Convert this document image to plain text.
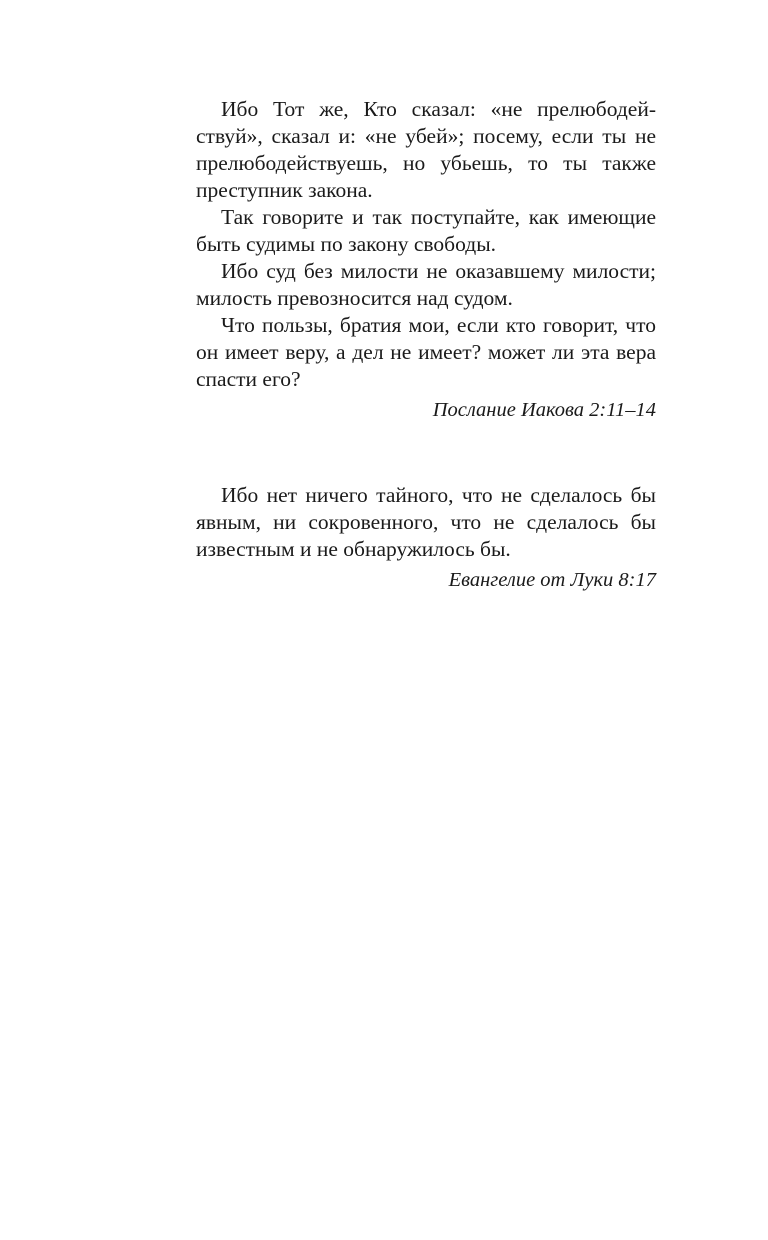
Ибо Тот же, Кто сказал: «не прелюбодействуй», сказал и: «не убей»; посему, если ты не прелюбодействуешь, но убьешь, то ты также преступник закона.

Так говорите и так поступайте, как имеющие быть судимы по закону свободы.

Ибо суд без милости не оказавшему милости; милость превозносится над судом.

Что пользы, братия мои, если кто говорит, что он имеет веру, а дел не имеет? может ли эта вера спасти его?

Послание Иакова 2:11–14

Ибо нет ничего тайного, что не сделалось бы явным, ни сокровенного, что не сделалось бы известным и не обнаружилось бы.

Евангелие от Луки 8:17
